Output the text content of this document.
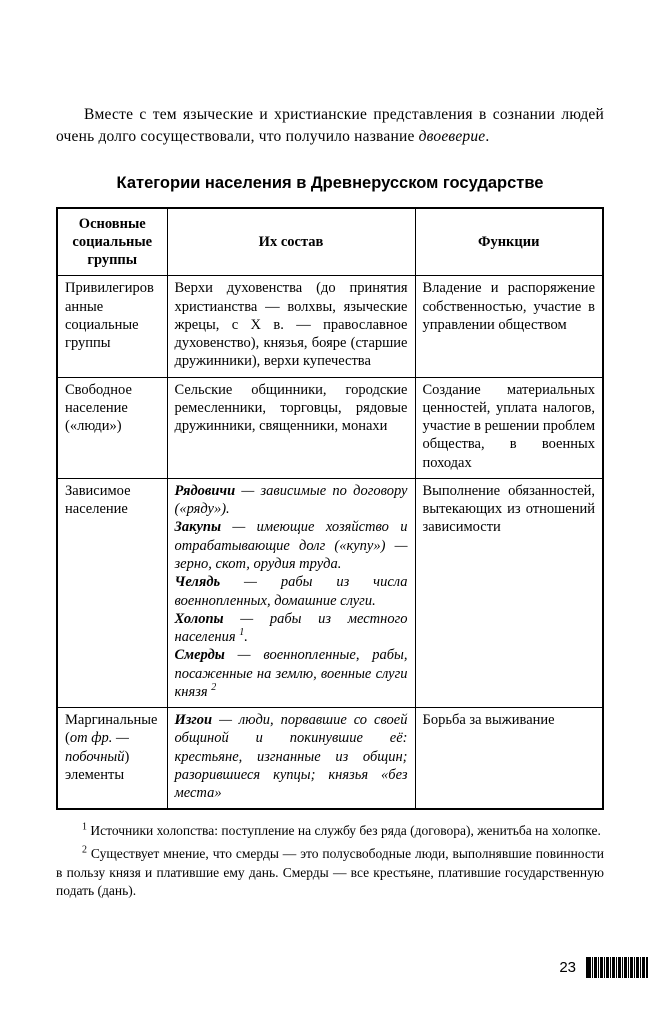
Вместе с тем языческие и христианские представления в сознании людей очень долго сосуществовали, что получило название двоеверие.

Категории населения в Древнерусском государстве
Основные социальные группы	Их состав	Функции
Привилегированные социальные группы	Верхи духовенства (до принятия христианства — волхвы, языческие жрецы, с X в. — православное духовенство), князья, бояре (старшие дружинники), верхи купечества	Владение и распоряжение собственностью, участие в управлении обществом
Свободное население («люди»)	Сельские общинники, городские ремесленники, торговцы, рядовые дружинники, священники, монахи	Создание материальных ценностей, уплата налогов, участие в решении проблем общества, в военных походах
Зависимое население	Рядовичи — зависимые по договору («ряду»).

Закупы — имеющие хозяйство и отрабатывающие долг («купу») — зерно, скот, орудия труда.

Челядь — рабы из числа военнопленных, домашние слуги.

Холопы — рабы из местного населения $^1$.

Смерды — военнопленные, рабы, посаженные на землю, военные слуги князя $^2$	Выполнение обязанностей, вытекающих из отношений зависимости
Маргинальные (от фр. — побочный) элементы	Изгои — люди, порвавшие со своей общиной и покинувшие её: крестьяне, изгнанные из общин; разорившиеся купцы; князья «без места»	Борьба за выживание

$^1$ Источники холопства: поступление на службу без ряда (договора), женитьба на холопке.

$^2$ Существует мнение, что смерды — это полусвободные люди, выполнявшие повинности в пользу князя и платившие ему дань. Смерды — все крестьяне, платившие государственную подать (дань).

23
